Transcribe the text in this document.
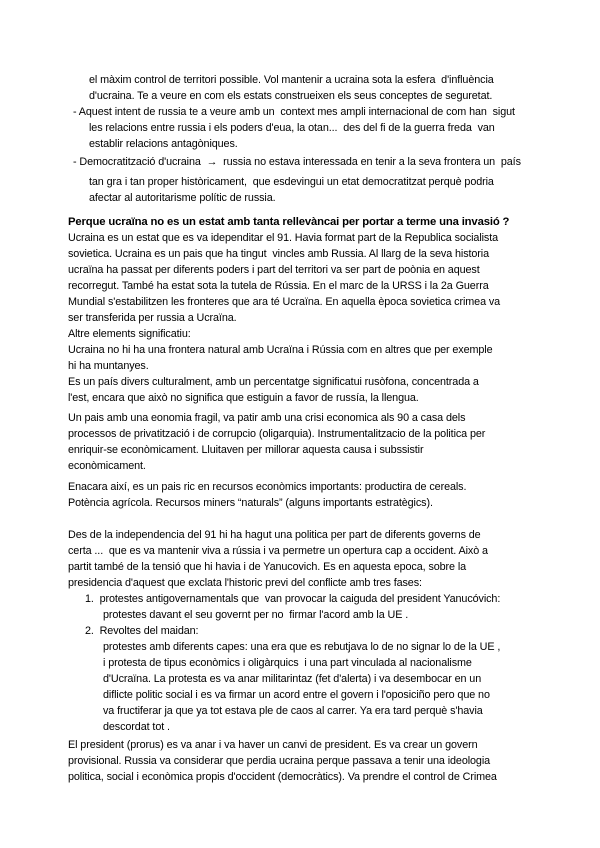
el màxim control de territori possible. Vol mantenir a ucraina sota la esfera  d'influència
d'ucraina. Te a veure en com els estats construeixen els seus conceptes de seguretat.
- Aquest intent de russia te a veure amb un  context mes ampli internacional de com han  sigut
les relacions entre russia i els poders d'eua, la otan...  des del fi de la guerra freda  van
establir relacions antagòniques.
- Democratització d'ucraina  →  russia no estava interessada en tenir a la seva frontera un  país
tan gra i tan proper històricament,  que esdevingui un etat democratitzat perquè podria
afectar al autoritarisme polític de russia.
Perque ucraïna no es un estat amb tanta rellevàncai per portar a terme una invasió ?
Ucraina es un estat que es va idependitar el 91. Havia format part de la Republica socialista
sovietica. Ucraina es un pais que ha tingut  vincles amb Russia. Al llarg de la seva historia
ucraïna ha passat per diferents poders i part del territori va ser part de poònia en aquest
recorregut. També ha estat sota la tutela de Rússia. En el marc de la URSS i la 2a Guerra
Mundial s'estabilitzen les fronteres que ara té Ucraïna. En aquella època sovietica crimea va
ser transferida per russia a Ucraïna.
Altre elements significatiu:
Ucraina no hi ha una frontera natural amb Ucraïna i Rússia com en altres que per exemple
hi ha muntanyes.
Es un país divers culturalment, amb un percentatge significatui rusòfona, concentrada a
l'est, encara que això no significa que estiguin a favor de russía, la llengua.
Un pais amb una eonomia fragil, va patir amb una crisi economica als 90 a casa dels
processos de privatització i de corrupcio (oligarquia). Instrumentalitzacio de la politica per
enriquir-se econòmicament. Lluitaven per millorar aquesta causa i subssistir
econòmicament.
Enacara així, es un pais ric en recursos econòmics importants: productira de cereals.
Potència agrícola. Recursos miners “naturals” (alguns importants estratègics).
Des de la independencia del 91 hi ha hagut una politica per part de diferents governs de
certa ...  que es va mantenir viva a rússia i va permetre un opertura cap a occident. Això a
partit també de la tensió que hi havia i de Yanucovich. Es en aquesta epoca, sobre la
presidencia d'aquest que exclata l'historic previ del conflicte amb tres fases:
1.  protestes antigovernamentals que  van provocar la caiguda del president Yanucóvich:
protestes davant el seu governt per no  firmar l'acord amb la UE .
2.  Revoltes del maidan:
protestes amb diferents capes: una era que es rebutjava lo de no signar lo de la UE ,
i protesta de tipus econòmics i oligàrquics  i una part vinculada al nacionalisme
d'Ucraïna. La protesta es va anar militarintaz (fet d'alerta) i va desembocar en un
diflicte politic social i es va firmar un acord entre el govern i l'oposiciño pero que no
va fructiferar ja que ya tot estava ple de caos al carrer. Ya era tard perquè s'havia
descordat tot .
El president (prorus) es va anar i va haver un canvi de president. Es va crear un govern
provisional. Russia va considerar que perdia ucraina perque passava a tenir una ideologia
politica, social i econòmica propis d'occident (democràtics). Va prendre el control de Crimea
